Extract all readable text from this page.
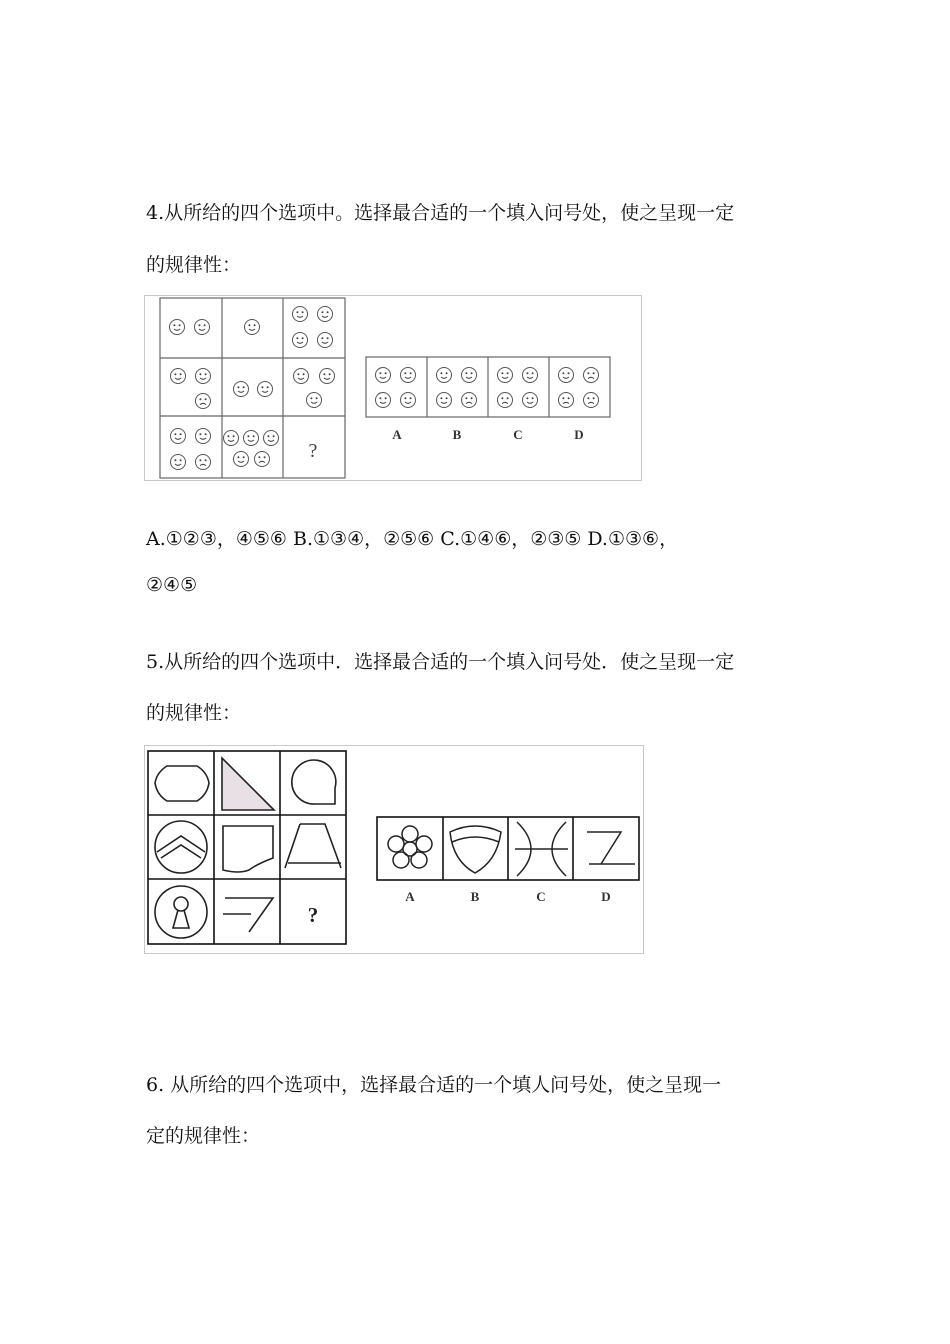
4.从所给的四个选项中。选择最合适的一个填入问号处，使之呈现一定
的规律性：
?
A	B	C	D
A.①②③，④⑤⑥ B.①③④，②⑤⑥ C.①④⑥，②③⑤ D.①③⑥，
②④⑤
5.从所给的四个选项中．选择最合适的一个填入问号处．使之呈现一定
的规律性：
?
A	B	C	D
6. 从所给的四个选项中，选择最合适的一个填人问号处，使之呈现一
定的规律性：
